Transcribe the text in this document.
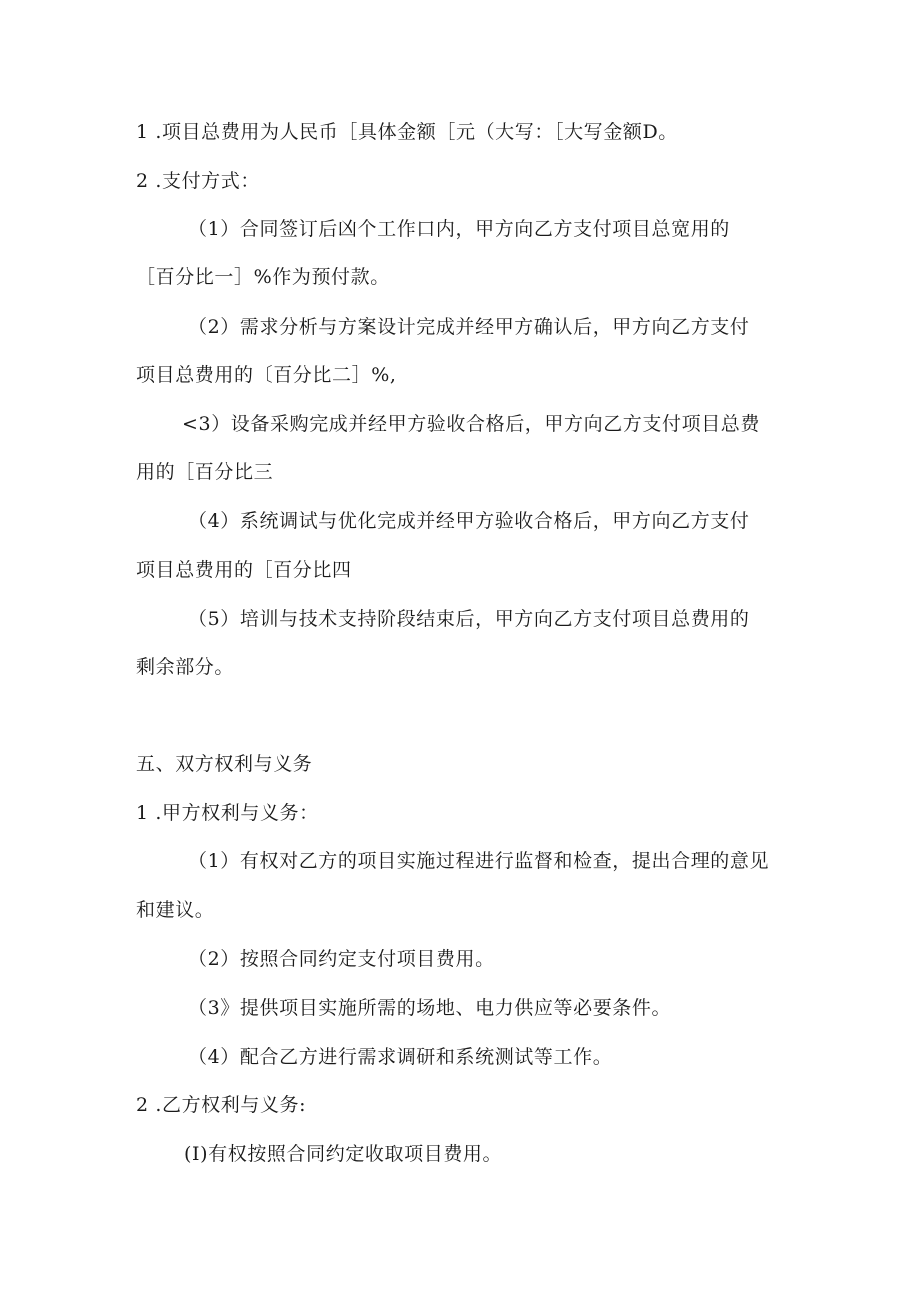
1 .项目总费用为人民币［具体金额［元（大写：［大写金额D。
2 .支付方式：
（1）合同签订后凶个工作口内，甲方向乙方支付项目总宽用的
［百分比一］%作为预付款。
（2）需求分析与方案设计完成并经甲方确认后，甲方向乙方支付
项目总费用的〔百分比二］%,
<3）设备采购完成并经甲方验收合格后，甲方向乙方支付项目总费
用的［百分比三
（4）系统调试与优化完成并经甲方验收合格后，甲方向乙方支付
项目总费用的［百分比四
（5）培训与技术支持阶段结束后，甲方向乙方支付项目总费用的
剩余部分。
五、双方权利与义务
1 .甲方权利与义务：
（1）有权对乙方的项目实施过程进行监督和检查，提出合理的意见
和建议。
（2）按照合同约定支付项目费用。
（3》提供项目实施所需的场地、电力供应等必要条件。
（4）配合乙方进行需求调研和系统测试等工作。
2 .乙方权利与义务:
(I)有权按照合同约定收取项目费用。
